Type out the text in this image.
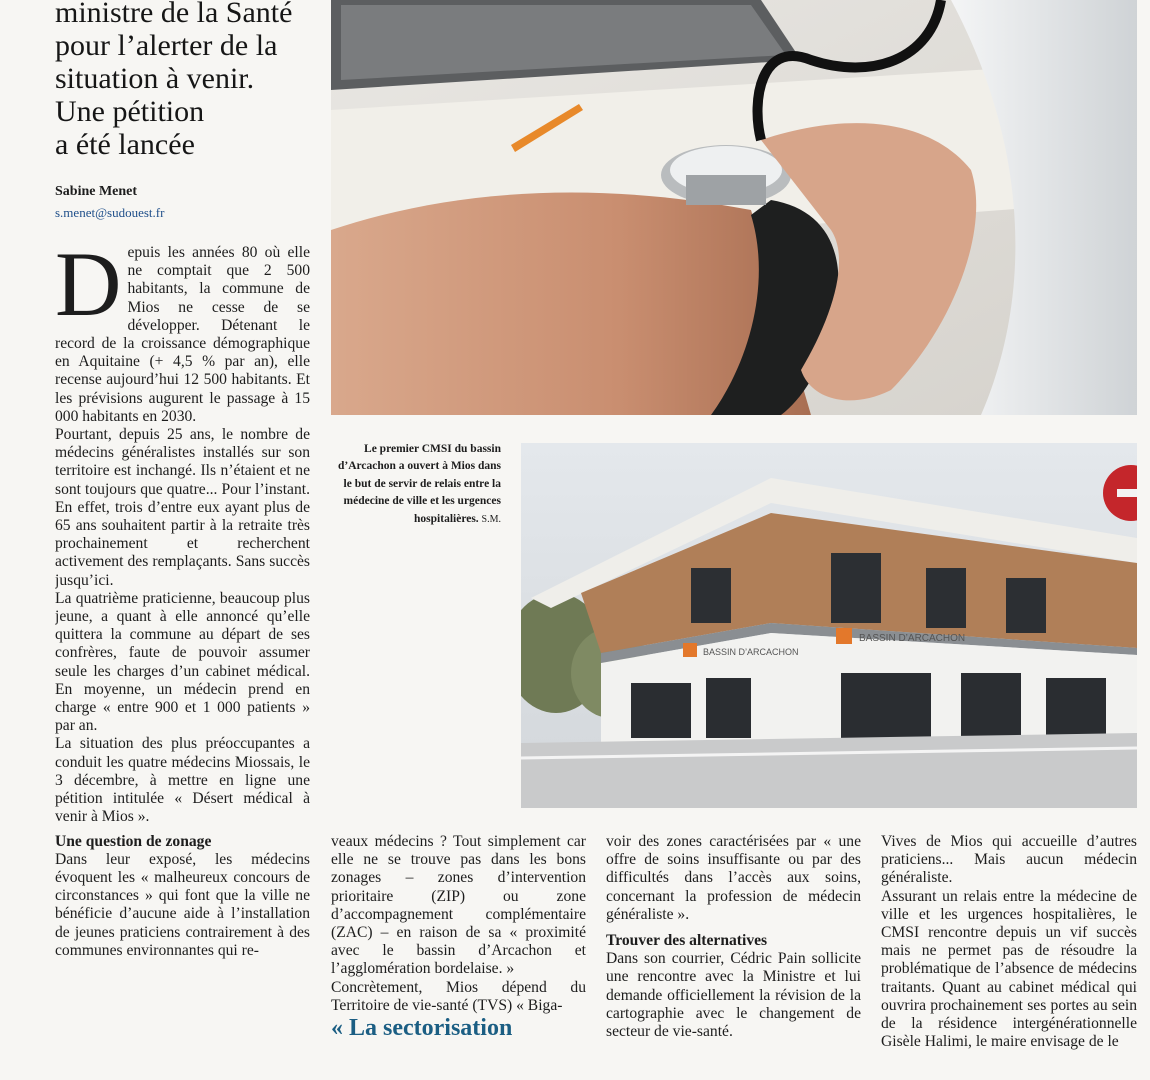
ministre de la Santé
pour l’alerter de la
situation à venir.
Une pétition
a été lancée
Sabine Menet
s.menet@sudouest.fr

Depuis les années 80 où elle ne comptait que 2 500 habitants, la commune de Mios ne cesse de se développer. Détenant le record de la croissance démographique en Aquitaine (+ 4,5 % par an), elle recense aujourd’hui 12 500 habitants. Et les prévisions augurent le passage à 15 000 habitants en 2030.

Pourtant, depuis 25 ans, le nombre de médecins généralistes installés sur son territoire est inchangé. Ils n’étaient et ne sont toujours que quatre... Pour l’instant. En effet, trois d’entre eux ayant plus de 65 ans souhaitent partir à la retraite très prochainement et recherchent activement des remplaçants. Sans succès jusqu’ici.

La quatrième praticienne, beaucoup plus jeune, a quant à elle annoncé qu’elle quittera la commune au départ de ses confrères, faute de pouvoir assumer seule les charges d’un cabinet médical. En moyenne, un médecin prend en charge « entre 900 et 1 000 patients » par an.

La situation des plus préoccupantes a conduit les quatre médecins Miossais, le 3 décembre, à mettre en ligne une pétition intitulée « Désert médical à venir à Mios ».

Une question de zonage

Dans leur exposé, les médecins évoquent les « malheureux concours de circonstances » qui font que la ville ne bénéficie d’aucune aide à l’installation de jeunes praticiens contrairement à des communes environnantes qui re-

Le premier CMSI du bassin d’Arcachon a ouvert à Mios dans le but de servir de relais entre la médecine de ville et les urgences hospitalières. S.M.
BASSIN D’ARCACHON
BASSIN D’ARCACHON

veaux médecins ? Tout simplement car elle ne se trouve pas dans les bons zonages – zones d’intervention prioritaire (ZIP) ou zone d’accompagnement complémentaire (ZAC) – en raison de sa « proximité avec le bassin d’Arcachon et l’agglomération bordelaise. »

Concrètement, Mios dépend du Territoire de vie-santé (TVS) « Biga-

« La sectorisation

voir des zones caractérisées par « une offre de soins insuffisante ou par des difficultés dans l’accès aux soins, concernant la profession de médecin généraliste ».

Trouver des alternatives

Dans son courrier, Cédric Pain sollicite une rencontre avec la Ministre et lui demande officiellement la révision de la cartographie avec le changement de secteur de vie-santé.

Vives de Mios qui accueille d’autres praticiens... Mais aucun médecin généraliste.

Assurant un relais entre la médecine de ville et les urgences hospitalières, le CMSI rencontre depuis un vif succès mais ne permet pas de résoudre la problématique de l’absence de médecins traitants. Quant au cabinet médical qui ouvrira prochainement ses portes au sein de la résidence intergénérationnelle Gisèle Halimi, le maire envisage de le
